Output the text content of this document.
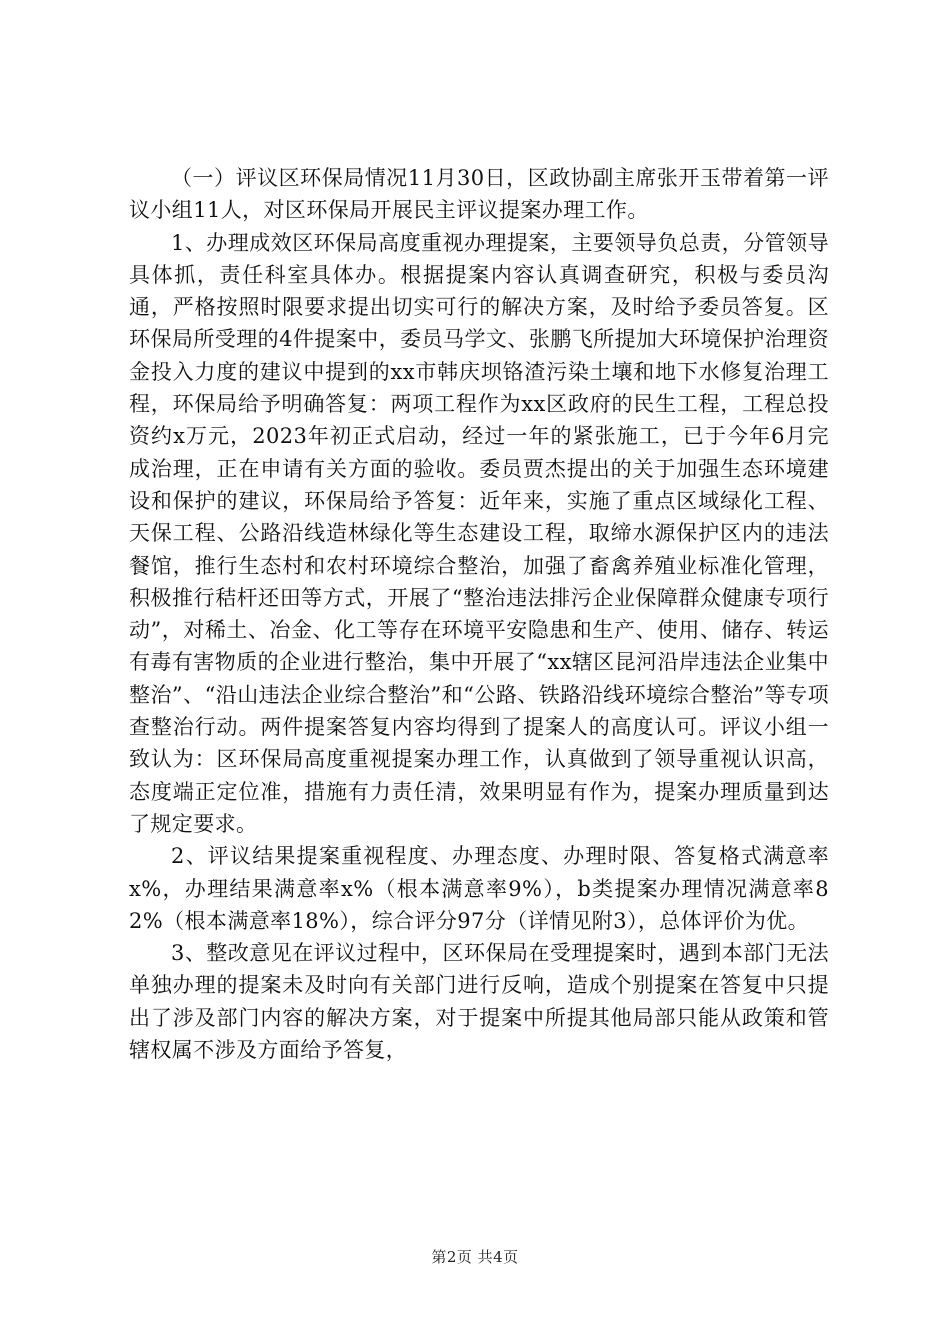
（一）评议区环保局情况11月30日，区政协副主席张开玉带着第一评议小组11人，对区环保局开展民主评议提案办理工作。

1、办理成效区环保局高度重视办理提案，主要领导负总责，分管领导具体抓，责任科室具体办。根据提案内容认真调查研究，积极与委员沟通，严格按照时限要求提出切实可行的解决方案，及时给予委员答复。区环保局所受理的4件提案中，委员马学文、张鹏飞所提加大环境保护治理资金投入力度的建议中提到的xx市韩庆坝铬渣污染土壤和地下水修复治理工程，环保局给予明确答复：两项工程作为xx区政府的民生工程，工程总投资约x万元，2023年初正式启动，经过一年的紧张施工，已于今年6月完成治理，正在申请有关方面的验收。委员贾杰提出的关于加强生态环境建设和保护的建议，环保局给予答复：近年来，实施了重点区域绿化工程、天保工程、公路沿线造林绿化等生态建设工程，取缔水源保护区内的违法餐馆，推行生态村和农村环境综合整治，加强了畜禽养殖业标准化管理，积极推行秸杆还田等方式，开展了“整治违法排污企业保障群众健康专项行动”，对稀土、冶金、化工等存在环境平安隐患和生产、使用、储存、转运有毒有害物质的企业进行整治，集中开展了“xx辖区昆河沿岸违法企业集中整治”、“沿山违法企业综合整治”和“公路、铁路沿线环境综合整治”等专项查整治行动。两件提案答复内容均得到了提案人的高度认可。评议小组一致认为：区环保局高度重视提案办理工作，认真做到了领导重视认识高，态度端正定位准，措施有力责任清，效果明显有作为，提案办理质量到达了规定要求。

2、评议结果提案重视程度、办理态度、办理时限、答复格式满意率x%，办理结果满意率x%（根本满意率9%），b类提案办理情况满意率82%（根本满意率18%），综合评分97分（详情见附3），总体评价为优。

3、整改意见在评议过程中，区环保局在受理提案时，遇到本部门无法单独办理的提案未及时向有关部门进行反响，造成个别提案在答复中只提出了涉及部门内容的解决方案，对于提案中所提其他局部只能从政策和管辖权属不涉及方面给予答复，

第2页 共4页
